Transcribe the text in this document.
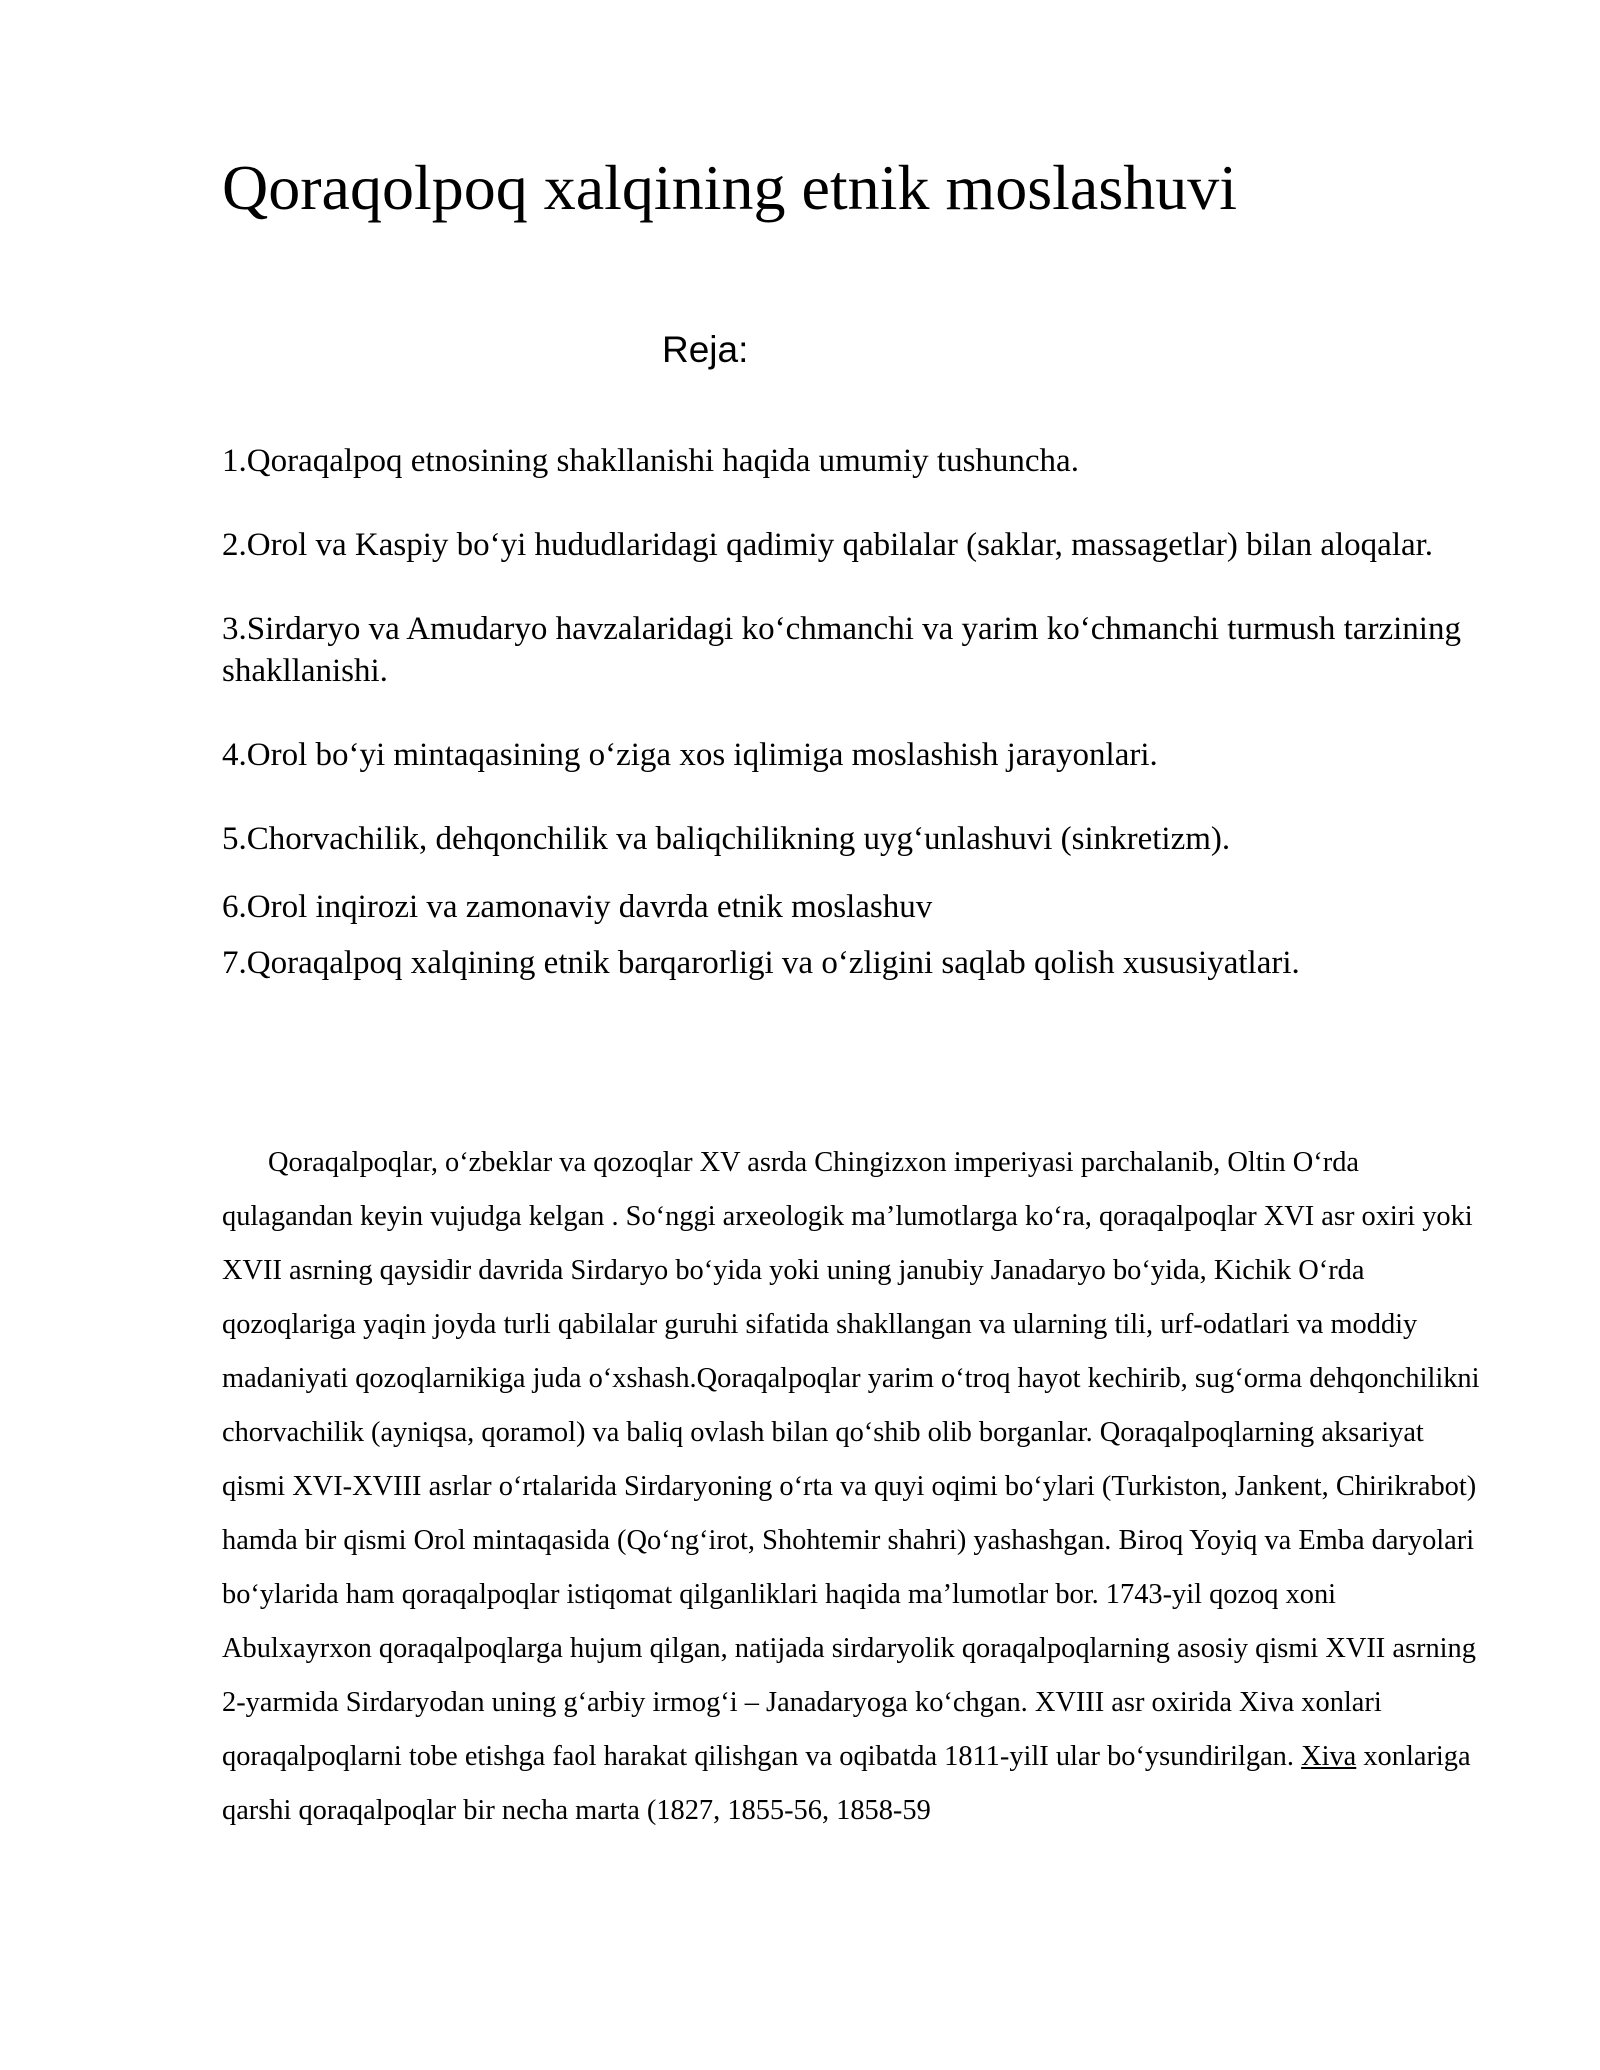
Qoraqolpoq xalqining etnik moslashuvi
Reja:
1.Qoraqalpoq etnosining shakllanishi haqida umumiy tushuncha.
2.Orol va Kaspiy bo‘yi hududlaridagi qadimiy qabilalar (saklar, massagetlar) bilan aloqalar.
3.Sirdaryo va Amudaryo havzalaridagi ko‘chmanchi va yarim ko‘chmanchi turmush tarzining shakllanishi.
4.Orol bo‘yi mintaqasining o‘ziga xos iqlimiga moslashish jarayonlari.
5.Chorvachilik, dehqonchilik va baliqchilikning uyg‘unlashuvi (sinkretizm).
6.Orol inqirozi va zamonaviy davrda etnik moslashuv
7.Qoraqalpoq xalqining etnik barqarorligi va o‘zligini saqlab qolish xususiyatlari.

Qoraqalpoqlar, o‘zbeklar va qozoqlar XV asrda Chingizxon imperiyasi parchalanib, Oltin O‘rda qulagandan keyin vujudga kelgan . So‘nggi arxeologik ma’lumotlarga ko‘ra, qoraqalpoqlar XVI asr oxiri yoki XVII asrning qaysidir davrida Sirdaryo bo‘yida yoki uning janubiy Janadaryo bo‘yida, Kichik O‘rda qozoqlariga yaqin joyda turli qabilalar guruhi sifatida shakllangan va ularning tili, urf-odatlari va moddiy madaniyati qozoqlarnikiga juda o‘xshash.Qoraqalpoqlar yarim o‘troq hayot kechirib, sug‘orma dehqonchilikni chorvachilik (ayniqsa, qoramol) va baliq ovlash bilan qo‘shib olib borganlar. Qoraqalpoqlarning aksariyat qismi XVI-XVIII asrlar o‘rtalarida Sirdaryoning o‘rta va quyi oqimi bo‘ylari (Turkiston, Jankent, Chirikrabot) hamda bir qismi Orol mintaqasida (Qo‘ng‘irot, Shohtemir shahri) yashashgan. Biroq Yoyiq va Emba daryolari bo‘ylarida ham qoraqalpoqlar istiqomat qilganliklari haqida ma’lumotlar bor. 1743-yil qozoq xoni Abulxayrxon qoraqalpoqlarga hujum qilgan, natijada sirdaryolik qoraqalpoqlarning asosiy qismi XVII asrning 2-yarmida Sirdaryodan uning g‘arbiy irmog‘i – Janadaryoga ko‘chgan. XVIII asr oxirida Xiva xonlari qoraqalpoqlarni tobe etishga faol harakat qilishgan va oqibatda 1811-yilI ular bo‘ysundirilgan. Xiva xonlariga qarshi qoraqalpoqlar bir necha marta (1827, 1855-56, 1858-59
